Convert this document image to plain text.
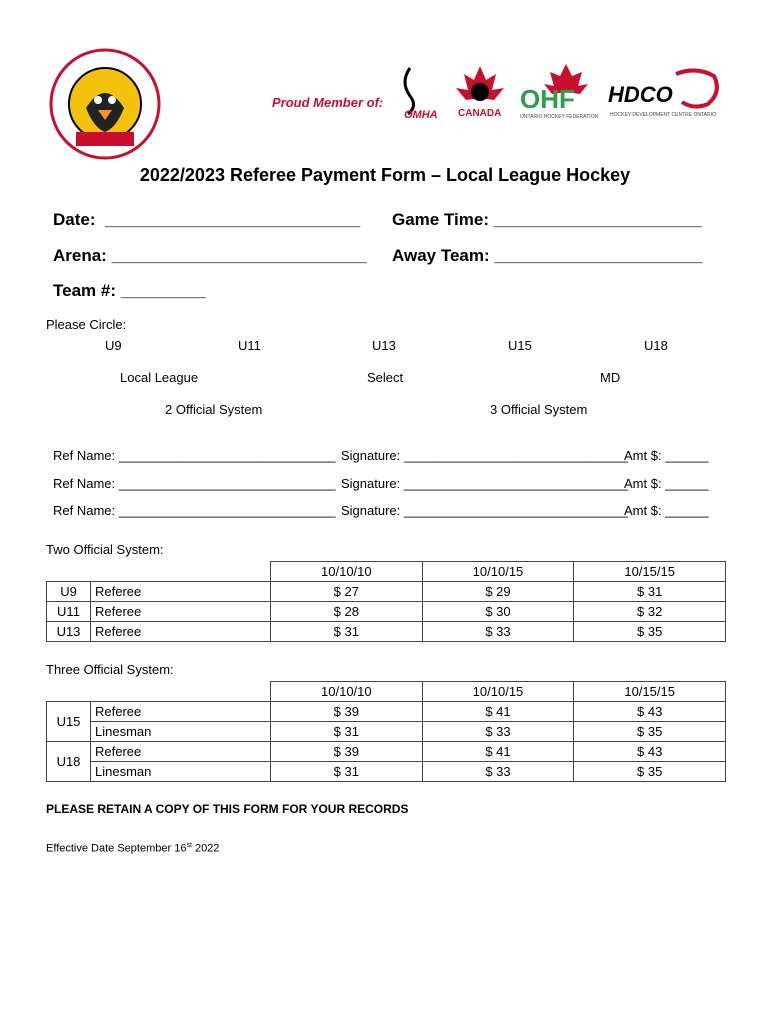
Proud Member of:
OMHA CANADA OHF
ONTARIO HOCKEY FEDERATION
HDCO
HOCKEY DEVELOPMENT CENTRE ONTARIO
2022/2023 Referee Payment Form – Local League Hockey
Date:  ___________________________ Game Time: ______________________
Arena: ___________________________ Away Team: ______________________
Team #: _________
Please Circle:
U9	U11	U13	U15	U18
Local League	Select	MD
2 Official System	3 Official System
Ref Name: ______________________________ Signature: _______________________________
Amt $: ______
Ref Name: ______________________________ Signature: _______________________________
Amt $: ______
Ref Name: ______________________________ Signature: _______________________________
Amt $: ______
Two Official System:
		10/10/10	10/10/15	10/15/15
U9	Referee	$ 27	$ 29	$ 31
U11	Referee	$ 28	$ 30	$ 32
U13	Referee	$ 31	$ 33	$ 35
Three Official System:
		10/10/10	10/10/15	10/15/15
U15	Referee	$ 39	$ 41	$ 43
	Linesman	$ 31	$ 33	$ 35
U18	Referee	$ 39	$ 41	$ 43
	Linesman	$ 31	$ 33	$ 35
PLEASE RETAIN A COPY OF THIS FORM FOR YOUR RECORDS
Effective Date September 16st 2022
